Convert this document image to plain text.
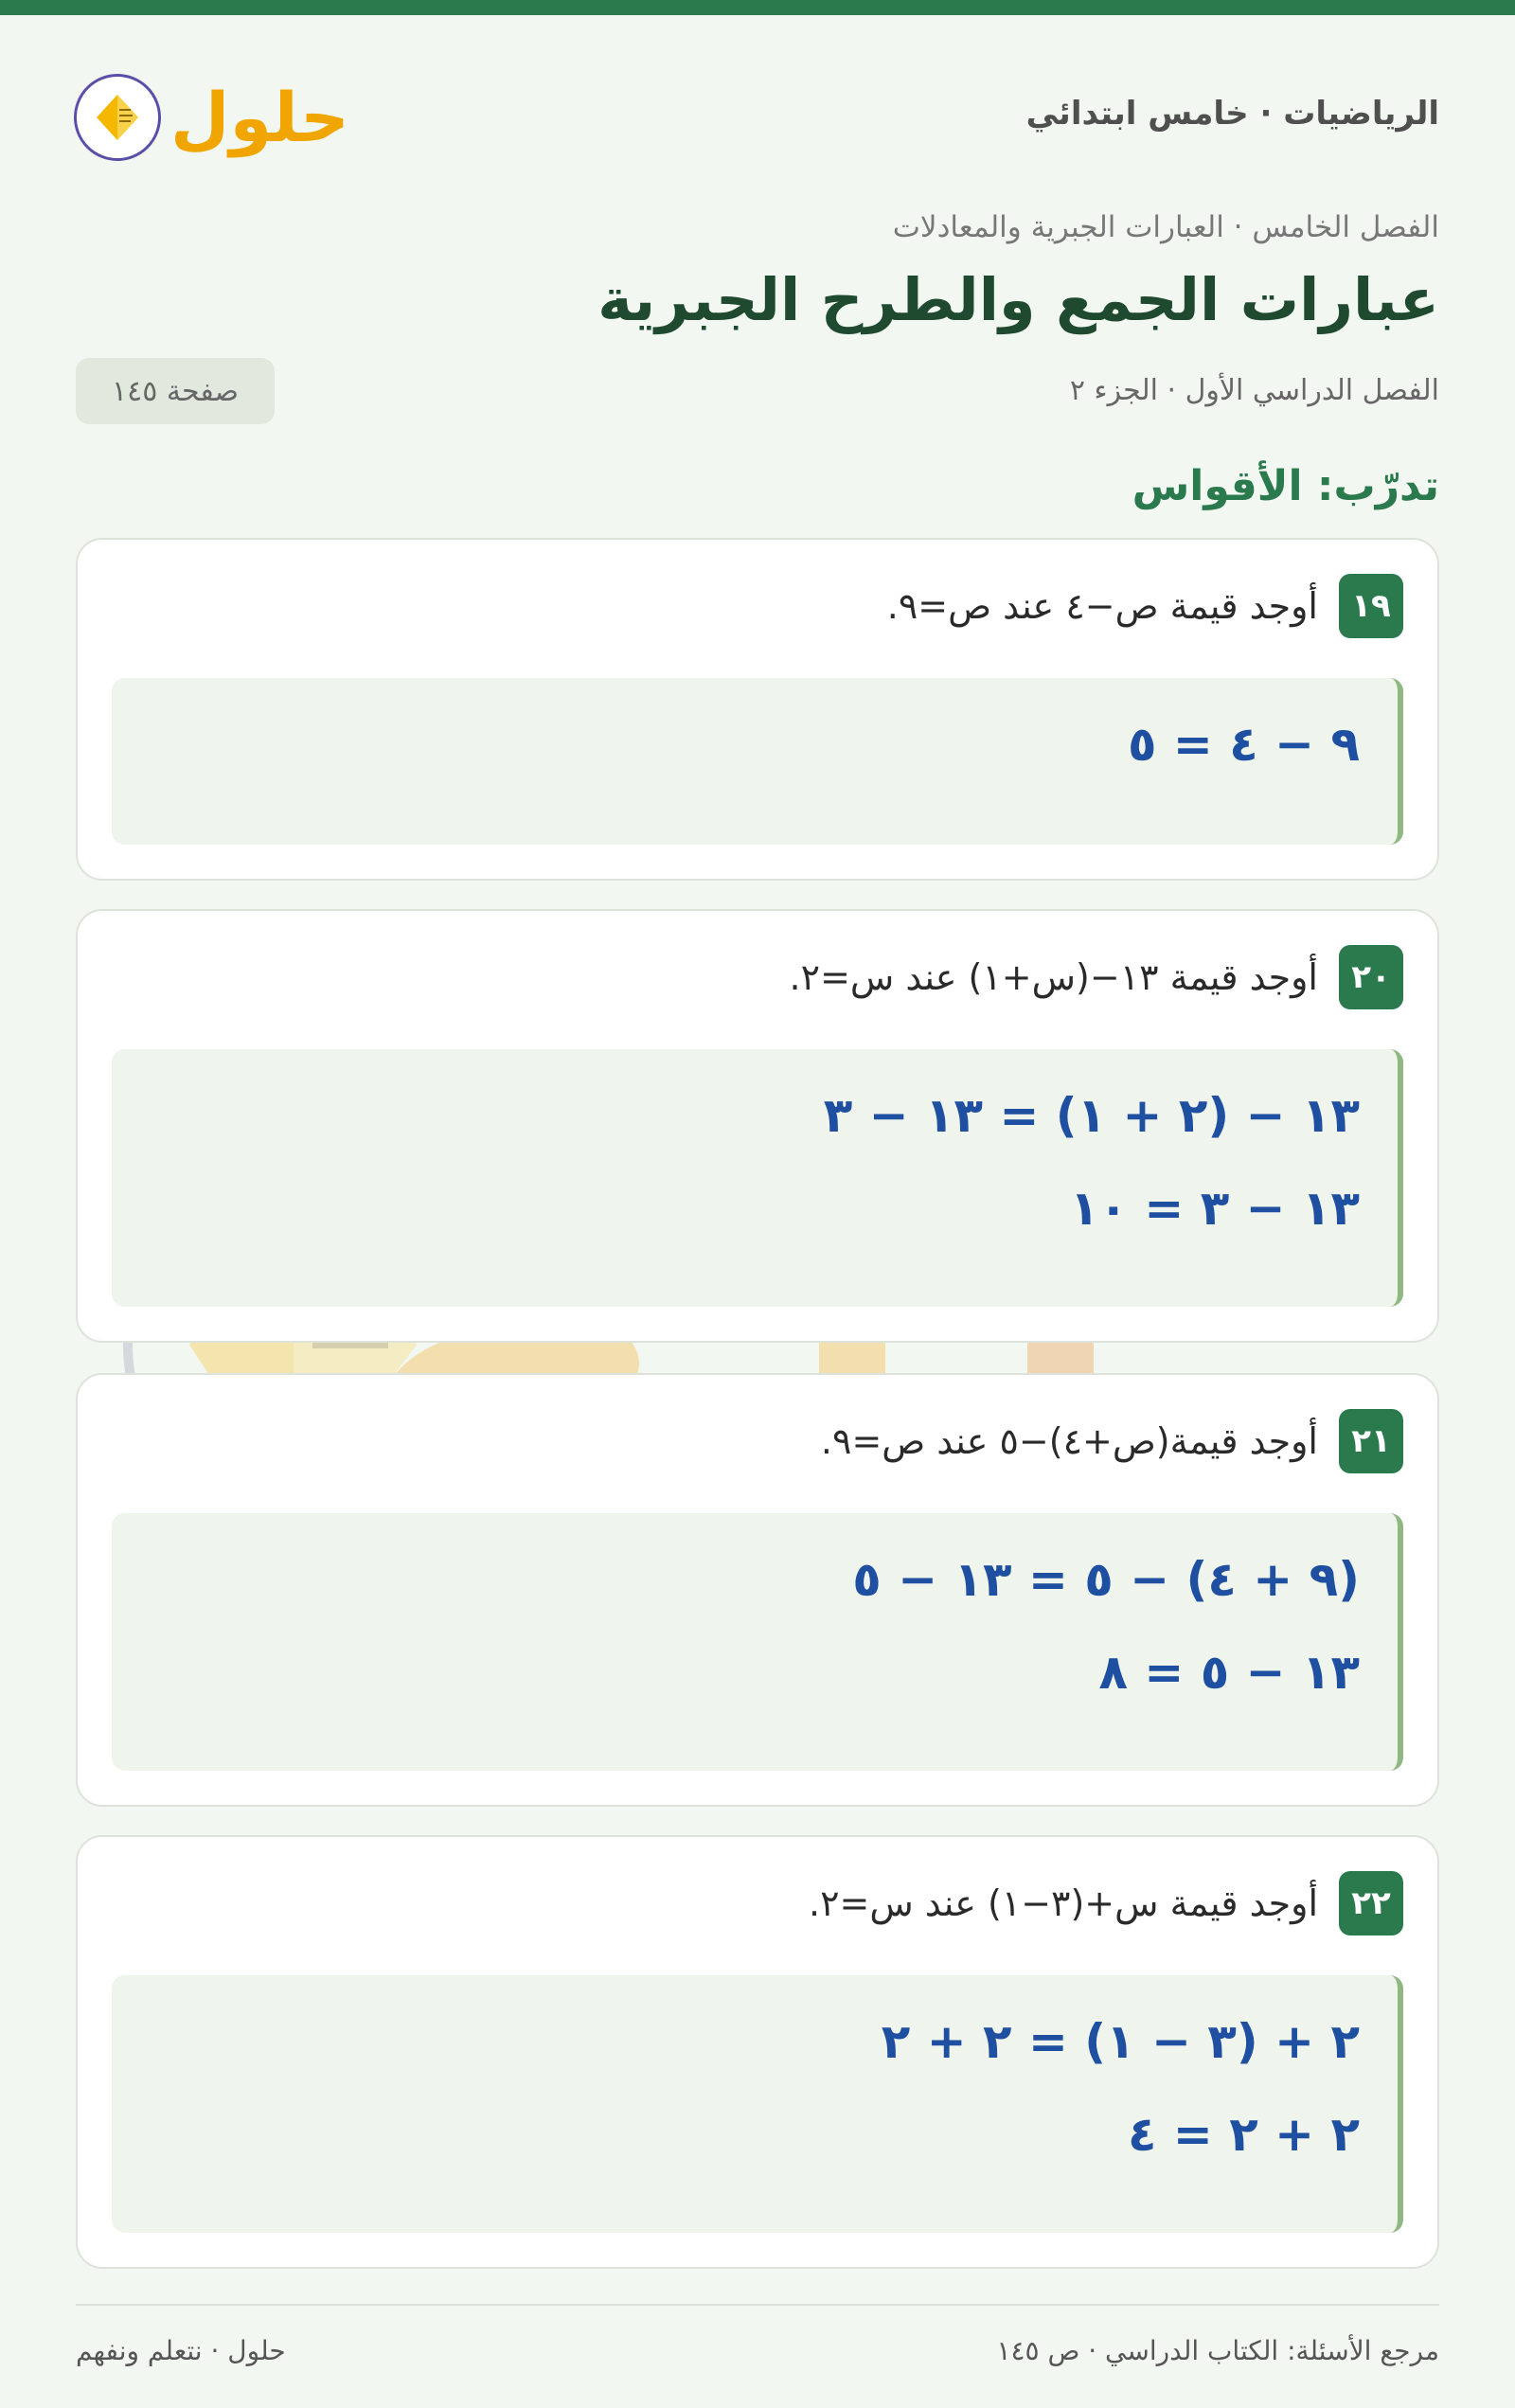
الرياضيات · خامس ابتدائي
حلول
الفصل الخامس · العبارات الجبرية والمعادلات
عبارات الجمع والطرح الجبرية
الفصل الدراسي الأول · الجزء ٢
صفحة ١٤٥
تدرّب: الأقواس
١٩
أوجد قيمة ص−٤ عند ص=٩.
٩ − ٤ = ٥
٢٠
أوجد قيمة ١٣−(س+١) عند س=٢.
١٣ − (٢ + ١) = ١٣ − ٣
١٣ − ٣ = ١٠
٢١
أوجد قيمة(ص+٤)−٥ عند ص=٩.
(٩ + ٤) − ٥ = ١٣ − ٥
١٣ − ٥ = ٨
٢٢
أوجد قيمة س+(٣−١) عند س=٢.
٢ + (٣ − ١) = ٢ + ٢
٢ + ٢ = ٤
مرجع الأسئلة: الكتاب الدراسي · ص ١٤٥
حلول · نتعلم ونفهم
